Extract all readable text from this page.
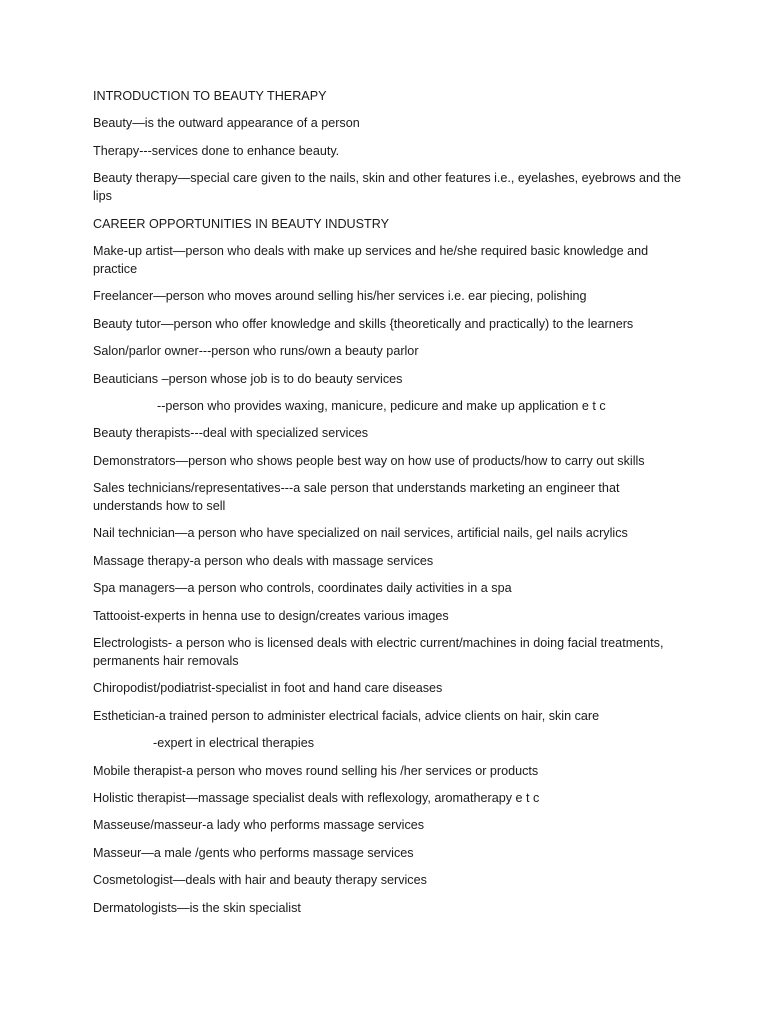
INTRODUCTION TO BEAUTY THERAPY

Beauty—is the outward appearance of a person

Therapy---services done to enhance beauty.

Beauty therapy—special care given to the nails, skin and other features i.e., eyelashes, eyebrows and the lips

CAREER OPPORTUNITIES IN BEAUTY INDUSTRY

Make-up artist—person who deals with make up services and he/she required basic knowledge and practice

Freelancer—person who moves around selling his/her services i.e. ear piecing, polishing

Beauty tutor—person who offer knowledge and skills {theoretically and practically) to the learners

Salon/parlor owner---person who runs/own a beauty parlor

Beauticians –person whose job is to do beauty services

--person who provides waxing, manicure, pedicure and make up application e t c

Beauty therapists---deal with specialized services

Demonstrators—person who shows people best way on how use of products/how to carry out skills

Sales technicians/representatives---a sale person that understands marketing an engineer that understands how to sell

Nail technician—a person who have specialized on nail services, artificial nails, gel nails acrylics

Massage therapy-a person who deals with massage services

Spa managers—a person who controls, coordinates daily activities in a spa

Tattooist-experts in henna use to design/creates various images

Electrologists- a person who is licensed deals with electric current/machines in doing facial treatments, permanents hair removals

Chiropodist/podiatrist-specialist in foot and hand care diseases

Esthetician-a trained person to administer electrical facials, advice clients on hair, skin care

-expert in electrical therapies

Mobile therapist-a person who moves round selling his /her services or products

Holistic therapist—massage specialist deals with reflexology, aromatherapy e t c

Masseuse/masseur-a lady who performs massage services

Masseur—a male /gents who performs massage services

Cosmetologist—deals with hair and beauty therapy services

Dermatologists—is the skin specialist
